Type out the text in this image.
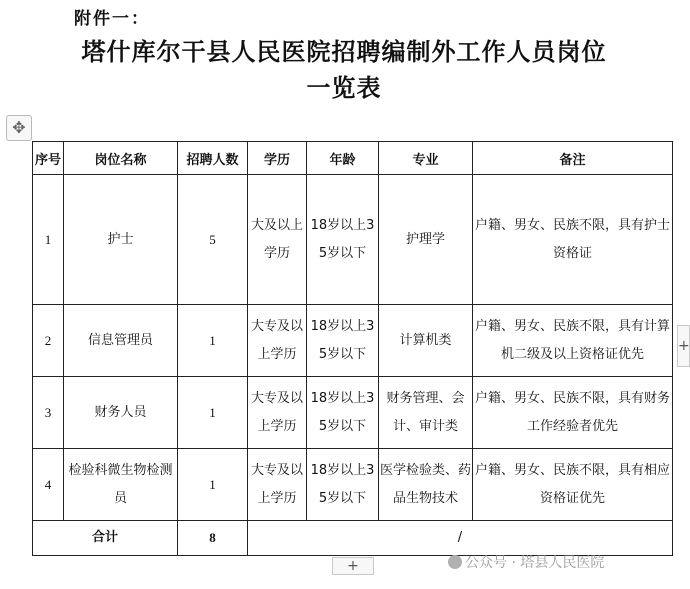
附件一：
塔什库尔干县人民医院招聘编制外工作人员岗位
一览表
✥
序号	岗位名称	招聘人数	学历	年龄	专业	备注
1	护士	5	大及以上学历	18岁以上35岁以下	护理学	户籍、男女、民族不限，具有护士资格证
2	信息管理员	1	大专及以上学历	18岁以上35岁以下	计算机类	户籍、男女、民族不限，具有计算机二级及以上资格证优先
3	财务人员	1	大专及以上学历	18岁以上35岁以下	财务管理、会计、审计类	户籍、男女、民族不限，具有财务工作经验者优先
4	检验科微生物检测员	1	大专及以上学历	18岁以上35岁以下	医学检验类、药品生物技术	户籍、男女、民族不限，具有相应资格证优先
合计		8	/			
+
+	公众号 · 塔县人民医院
